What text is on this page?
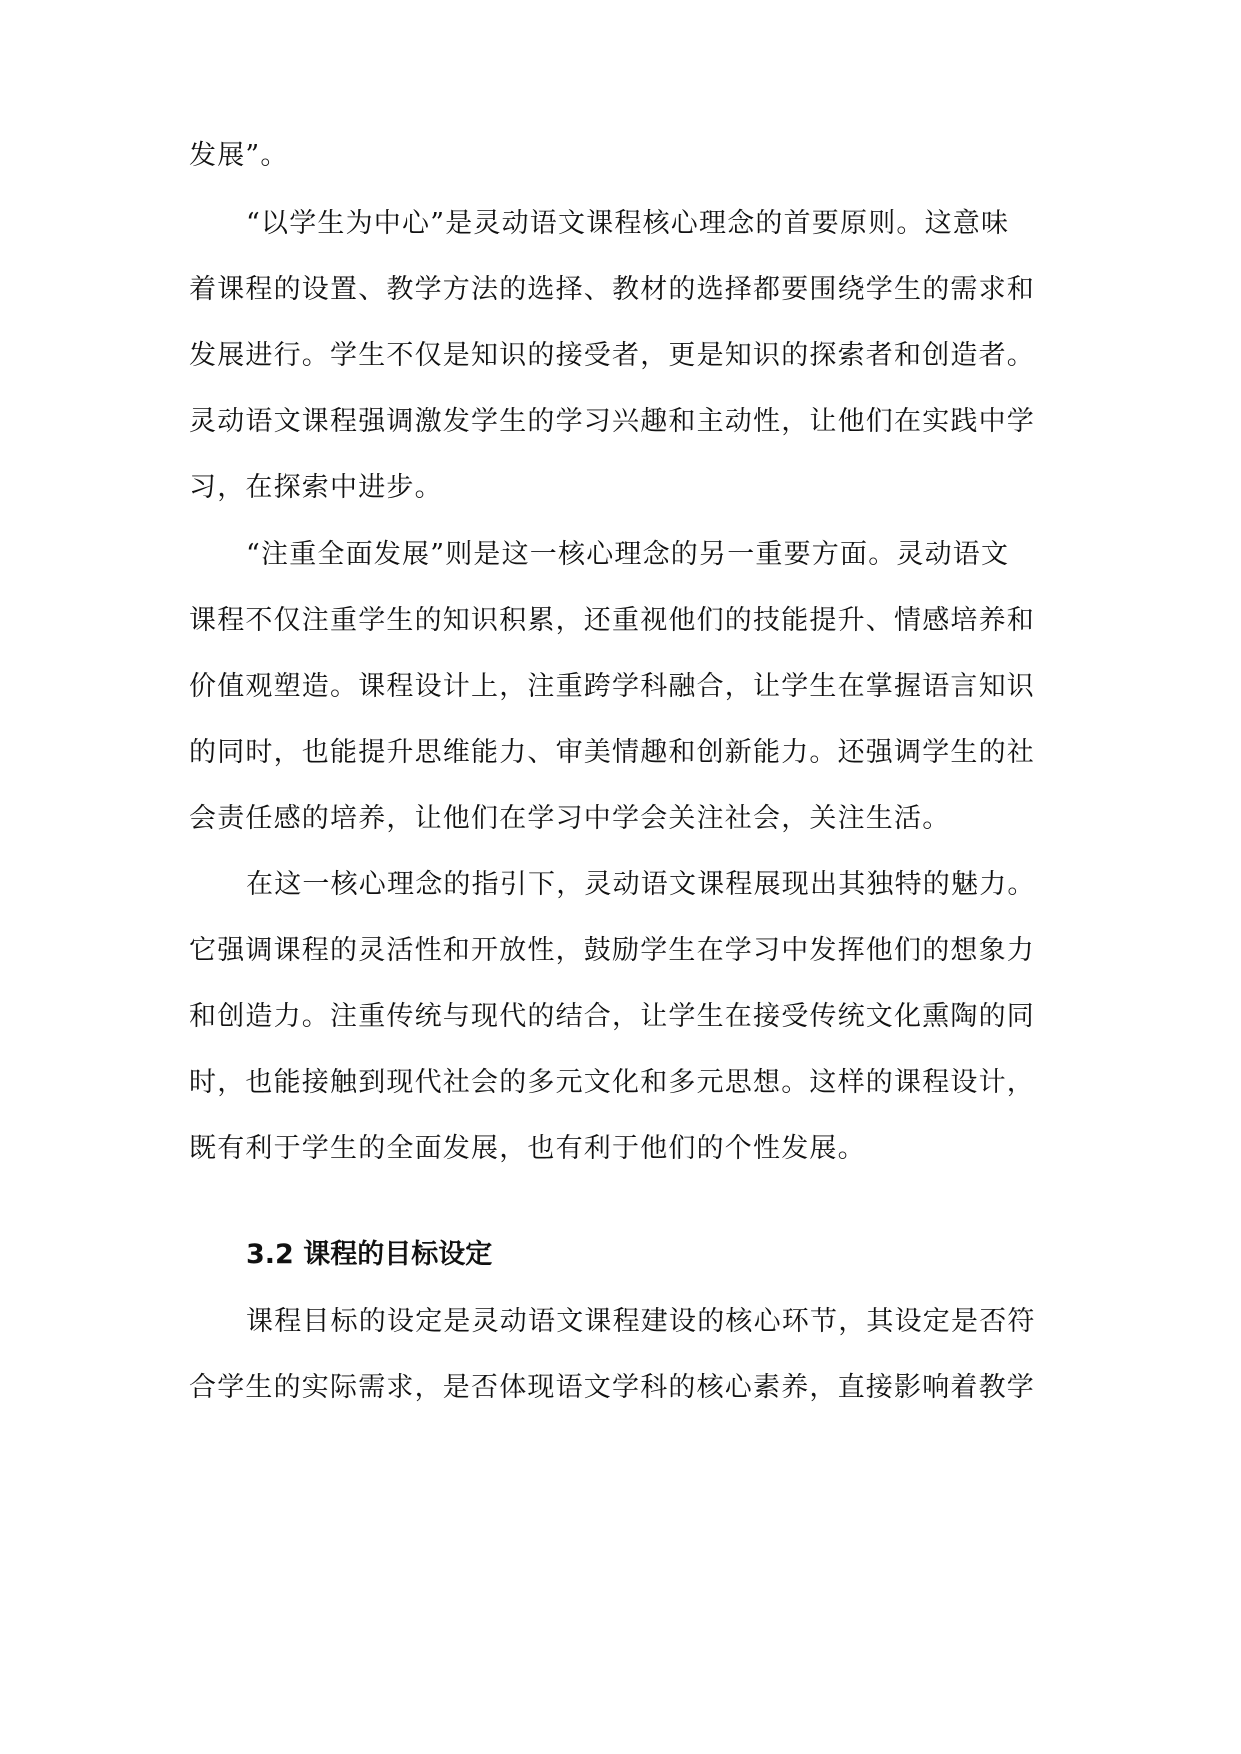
发展”。
“以学生为中心”是灵动语文课程核心理念的首要原则。这意味
着课程的设置、教学方法的选择、教材的选择都要围绕学生的需求和
发展进行。学生不仅是知识的接受者，更是知识的探索者和创造者。
灵动语文课程强调激发学生的学习兴趣和主动性，让他们在实践中学
习，在探索中进步。
“注重全面发展”则是这一核心理念的另一重要方面。灵动语文
课程不仅注重学生的知识积累，还重视他们的技能提升、情感培养和
价值观塑造。课程设计上，注重跨学科融合，让学生在掌握语言知识
的同时，也能提升思维能力、审美情趣和创新能力。还强调学生的社
会责任感的培养，让他们在学习中学会关注社会，关注生活。
在这一核心理念的指引下，灵动语文课程展现出其独特的魅力。
它强调课程的灵活性和开放性，鼓励学生在学习中发挥他们的想象力
和创造力。注重传统与现代的结合，让学生在接受传统文化熏陶的同
时，也能接触到现代社会的多元文化和多元思想。这样的课程设计，
既有利于学生的全面发展，也有利于他们的个性发展。
3.2 课程的目标设定
课程目标的设定是灵动语文课程建设的核心环节，其设定是否符
合学生的实际需求，是否体现语文学科的核心素养，直接影响着教学
